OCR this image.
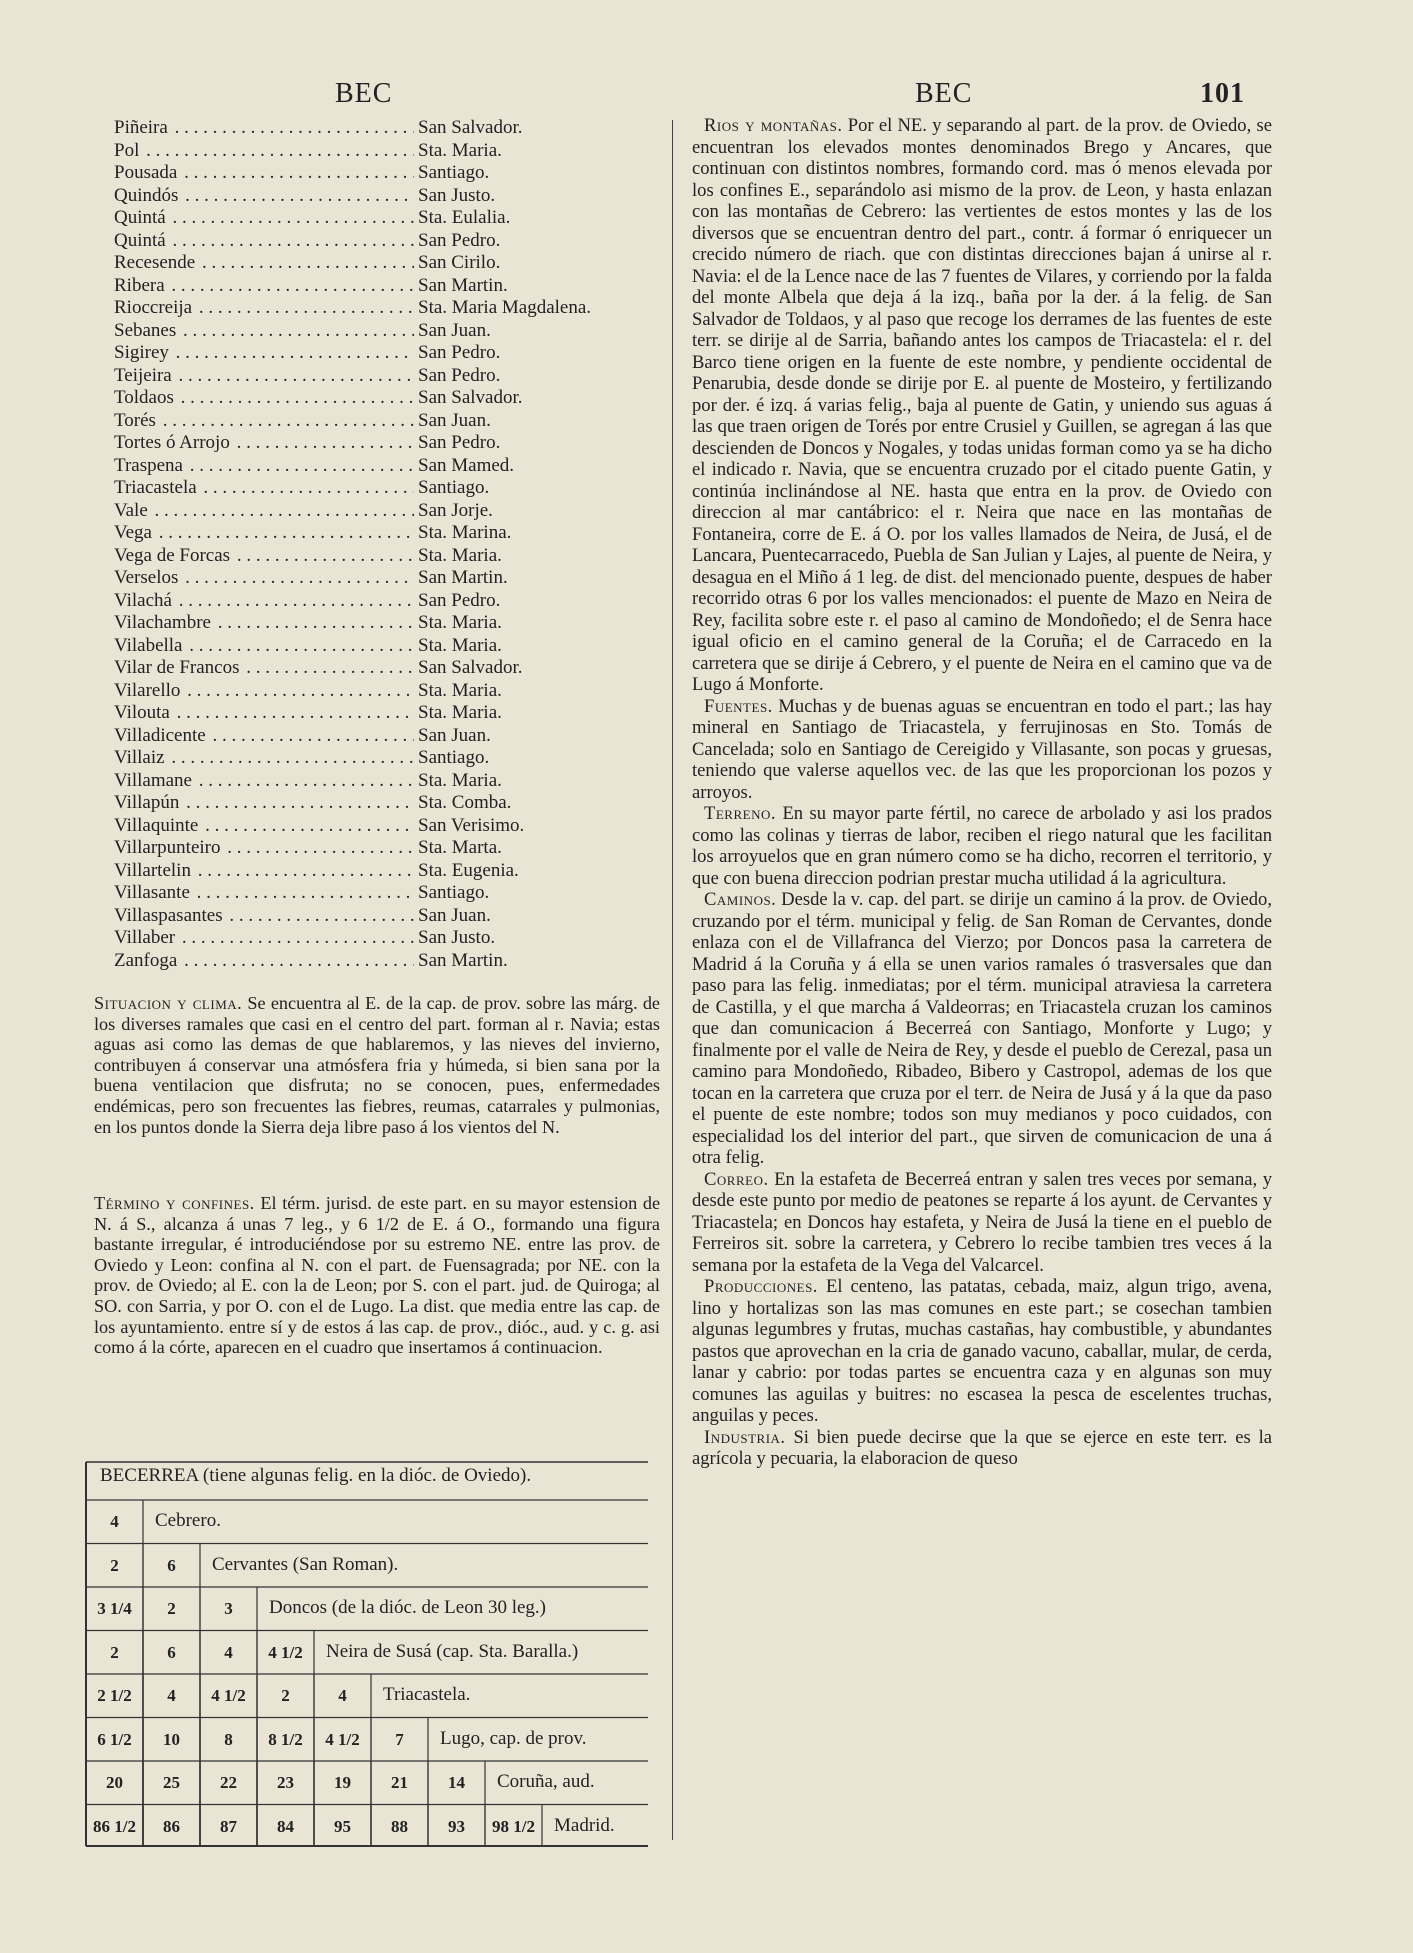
BEC	BEC	101
Piñeira . . .	San Salvador.
Pol . . .	Sta. Maria.
Pousada . . .	Santiago.
Quindós . . .	San Justo.
Quintá . . .	Sta. Eulalia.
Quintá . . .	San Pedro.
Recesende . . .	San Cirilo.
Ribera . . .	San Martin.
Rioccreija . . .	Sta. Maria Magdalena.
Sebanes . . .	San Juan.
Sigirey . . .	San Pedro.
Teijeira . . .	San Pedro.
Toldaos . . .	San Salvador.
Torés . . .	San Juan.
Tortes ó Arrojo . . .	San Pedro.
Traspena . . .	San Mamed.
Triacastela . . .	Santiago.
Vale . . .	San Jorje.
Vega . . .	Sta. Marina.
Vega de Forcas . . .	Sta. Maria.
Verselos . . .	San Martin.
Vilachá . . .	San Pedro.
Vilachambre . . .	Sta. Maria.
Vilabella . . .	Sta. Maria.
Vilar de Francos . . .	San Salvador.
Vilarello . . .	Sta. Maria.
Vilouta . . .	Sta. Maria.
Villadicente . . .	San Juan.
Villaiz . . .	Santiago.
Villamane . . .	Sta. Maria.
Villapún . . .	Sta. Comba.
Villaquinte . . .	San Verisimo.
Villarpunteiro . . .	Sta. Marta.
Villartelin . . .	Sta. Eugenia.
Villasante . . .	Santiago.
Villaspasantes . . .	San Juan.
Villaber . . .	San Justo.
Zanfoga . . .	San Martin.
Situacion y clima. Se encuentra al E. de la cap. de prov. sobre las márg. de los diverses ramales que casi en el centro del part. forman al r. Navia; estas aguas asi como las demas de que hablaremos, y las nieves del invierno, contribuyen á conservar una atmósfera fria y húmeda, si bien sana por la buena ventilacion que disfruta; no se conocen, pues, enfermedades endémicas, pero son frecuentes las fiebres, reumas, catarrales y pulmonias, en los puntos donde la Sierra deja libre paso á los vientos del N.
Término y confines. El térm. jurisd. de este part. en su mayor estension de N. á S., alcanza á unas 7 leg., y 6 1/2 de E. á O., formando una figura bastante irregular, é introduciéndose por su estremo NE. entre las prov. de Oviedo y Leon: confina al N. con el part. de Fuensagrada; por NE. con la prov. de Oviedo; al E. con la de Leon; por S. con el part. jud. de Quiroga; al SO. con Sarria, y por O. con el de Lugo. La dist. que media entre las cap. de los ayuntamiento. entre sí y de estos á las cap. de prov., dióc., aud. y c. g. asi como á la córte, aparecen en el cuadro que insertamos á continuacion.
BECERREA (tiene algunas felig. en la dióc. de Oviedo).
4	Cebrero.
2	6	Cervantes (San Roman).
3 1/4	2	3	Doncos (de la dióc. de Leon 30 leg.)
2	6	4	4 1/2	Neira de Susá (cap. Sta. Baralla.)
2 1/2	4	4 1/2	2	4	Triacastela.
6 1/2	10	8	8 1/2	4 1/2	7	Lugo, cap. de prov.
20	25	22	23	19	21	14	Coruña, aud.
86 1/2	86	87	84	95	88	93	98 1/2	Madrid.

Rios y montañas. Por el NE. y separando al part. de la prov. de Oviedo, se encuentran los elevados montes denominados Brego y Ancares, que continuan con distintos nombres, formando cord. mas ó menos elevada por los confines E., separándolo asi mismo de la prov. de Leon, y hasta enlazan con las montañas de Cebrero: las vertientes de estos montes y las de los diversos que se encuentran dentro del part., contr. á formar ó enriquecer un crecido número de riach. que con distintas direcciones bajan á unirse al r. Navia: el de la Lence nace de las 7 fuentes de Vilares, y corriendo por la falda del monte Albela que deja á la izq., baña por la der. á la felig. de San Salvador de Toldaos, y al paso que recoge los derrames de las fuentes de este terr. se dirije al de Sarria, bañando antes los campos de Triacastela: el r. del Barco tiene origen en la fuente de este nombre, y pendiente occidental de Penarubia, desde donde se dirije por E. al puente de Mosteiro, y fertilizando por der. é izq. á varias felig., baja al puente de Gatin, y uniendo sus aguas á las que traen origen de Torés por entre Crusiel y Guillen, se agregan á las que descienden de Doncos y Nogales, y todas unidas forman como ya se ha dicho el indicado r. Navia, que se encuentra cruzado por el citado puente Gatin, y continúa inclinándose al NE. hasta que entra en la prov. de Oviedo con direccion al mar cantábrico: el r. Neira que nace en las montañas de Fontaneira, corre de E. á O. por los valles llamados de Neira, de Jusá, el de Lancara, Puentecarracedo, Puebla de San Julian y Lajes, al puente de Neira, y desagua en el Miño á 1 leg. de dist. del mencionado puente, despues de haber recorrido otras 6 por los valles mencionados: el puente de Mazo en Neira de Rey, facilita sobre este r. el paso al camino de Mondoñedo; el de Senra hace igual oficio en el camino general de la Coruña; el de Carracedo en la carretera que se dirije á Cebrero, y el puente de Neira en el camino que va de Lugo á Monforte.

Fuentes. Muchas y de buenas aguas se encuentran en todo el part.; las hay mineral en Santiago de Triacastela, y ferrujinosas en Sto. Tomás de Cancelada; solo en Santiago de Cereigido y Villasante, son pocas y gruesas, teniendo que valerse aquellos vec. de las que les proporcionan los pozos y arroyos.

Terreno. En su mayor parte fértil, no carece de arbolado y asi los prados como las colinas y tierras de labor, reciben el riego natural que les facilitan los arroyuelos que en gran número como se ha dicho, recorren el territorio, y que con buena direccion podrian prestar mucha utilidad á la agricultura.

Caminos. Desde la v. cap. del part. se dirije un camino á la prov. de Oviedo, cruzando por el térm. municipal y felig. de San Roman de Cervantes, donde enlaza con el de Villafranca del Vierzo; por Doncos pasa la carretera de Madrid á la Coruña y á ella se unen varios ramales ó trasversales que dan paso para las felig. inmediatas; por el térm. municipal atraviesa la carretera de Castilla, y el que marcha á Valdeorras; en Triacastela cruzan los caminos que dan comunicacion á Becerreá con Santiago, Monforte y Lugo; y finalmente por el valle de Neira de Rey, y desde el pueblo de Cerezal, pasa un camino para Mondoñedo, Ribadeo, Bibero y Castropol, ademas de los que tocan en la carretera que cruza por el terr. de Neira de Jusá y á la que da paso el puente de este nombre; todos son muy medianos y poco cuidados, con especialidad los del interior del part., que sirven de comunicacion de una á otra felig.

Correo. En la estafeta de Becerreá entran y salen tres veces por semana, y desde este punto por medio de peatones se reparte á los ayunt. de Cervantes y Triacastela; en Doncos hay estafeta, y Neira de Jusá la tiene en el pueblo de Ferreiros sit. sobre la carretera, y Cebrero lo recibe tambien tres veces á la semana por la estafeta de la Vega del Valcarcel.

Producciones. El centeno, las patatas, cebada, maiz, algun trigo, avena, lino y hortalizas son las mas comunes en este part.; se cosechan tambien algunas legumbres y frutas, muchas castañas, hay combustible, y abundantes pastos que aprovechan en la cria de ganado vacuno, caballar, mular, de cerda, lanar y cabrio: por todas partes se encuentra caza y en algunas son muy comunes las aguilas y buitres: no escasea la pesca de escelentes truchas, anguilas y peces.

Industria. Si bien puede decirse que la que se ejerce en este terr. es la agrícola y pecuaria, la elaboracion de queso
